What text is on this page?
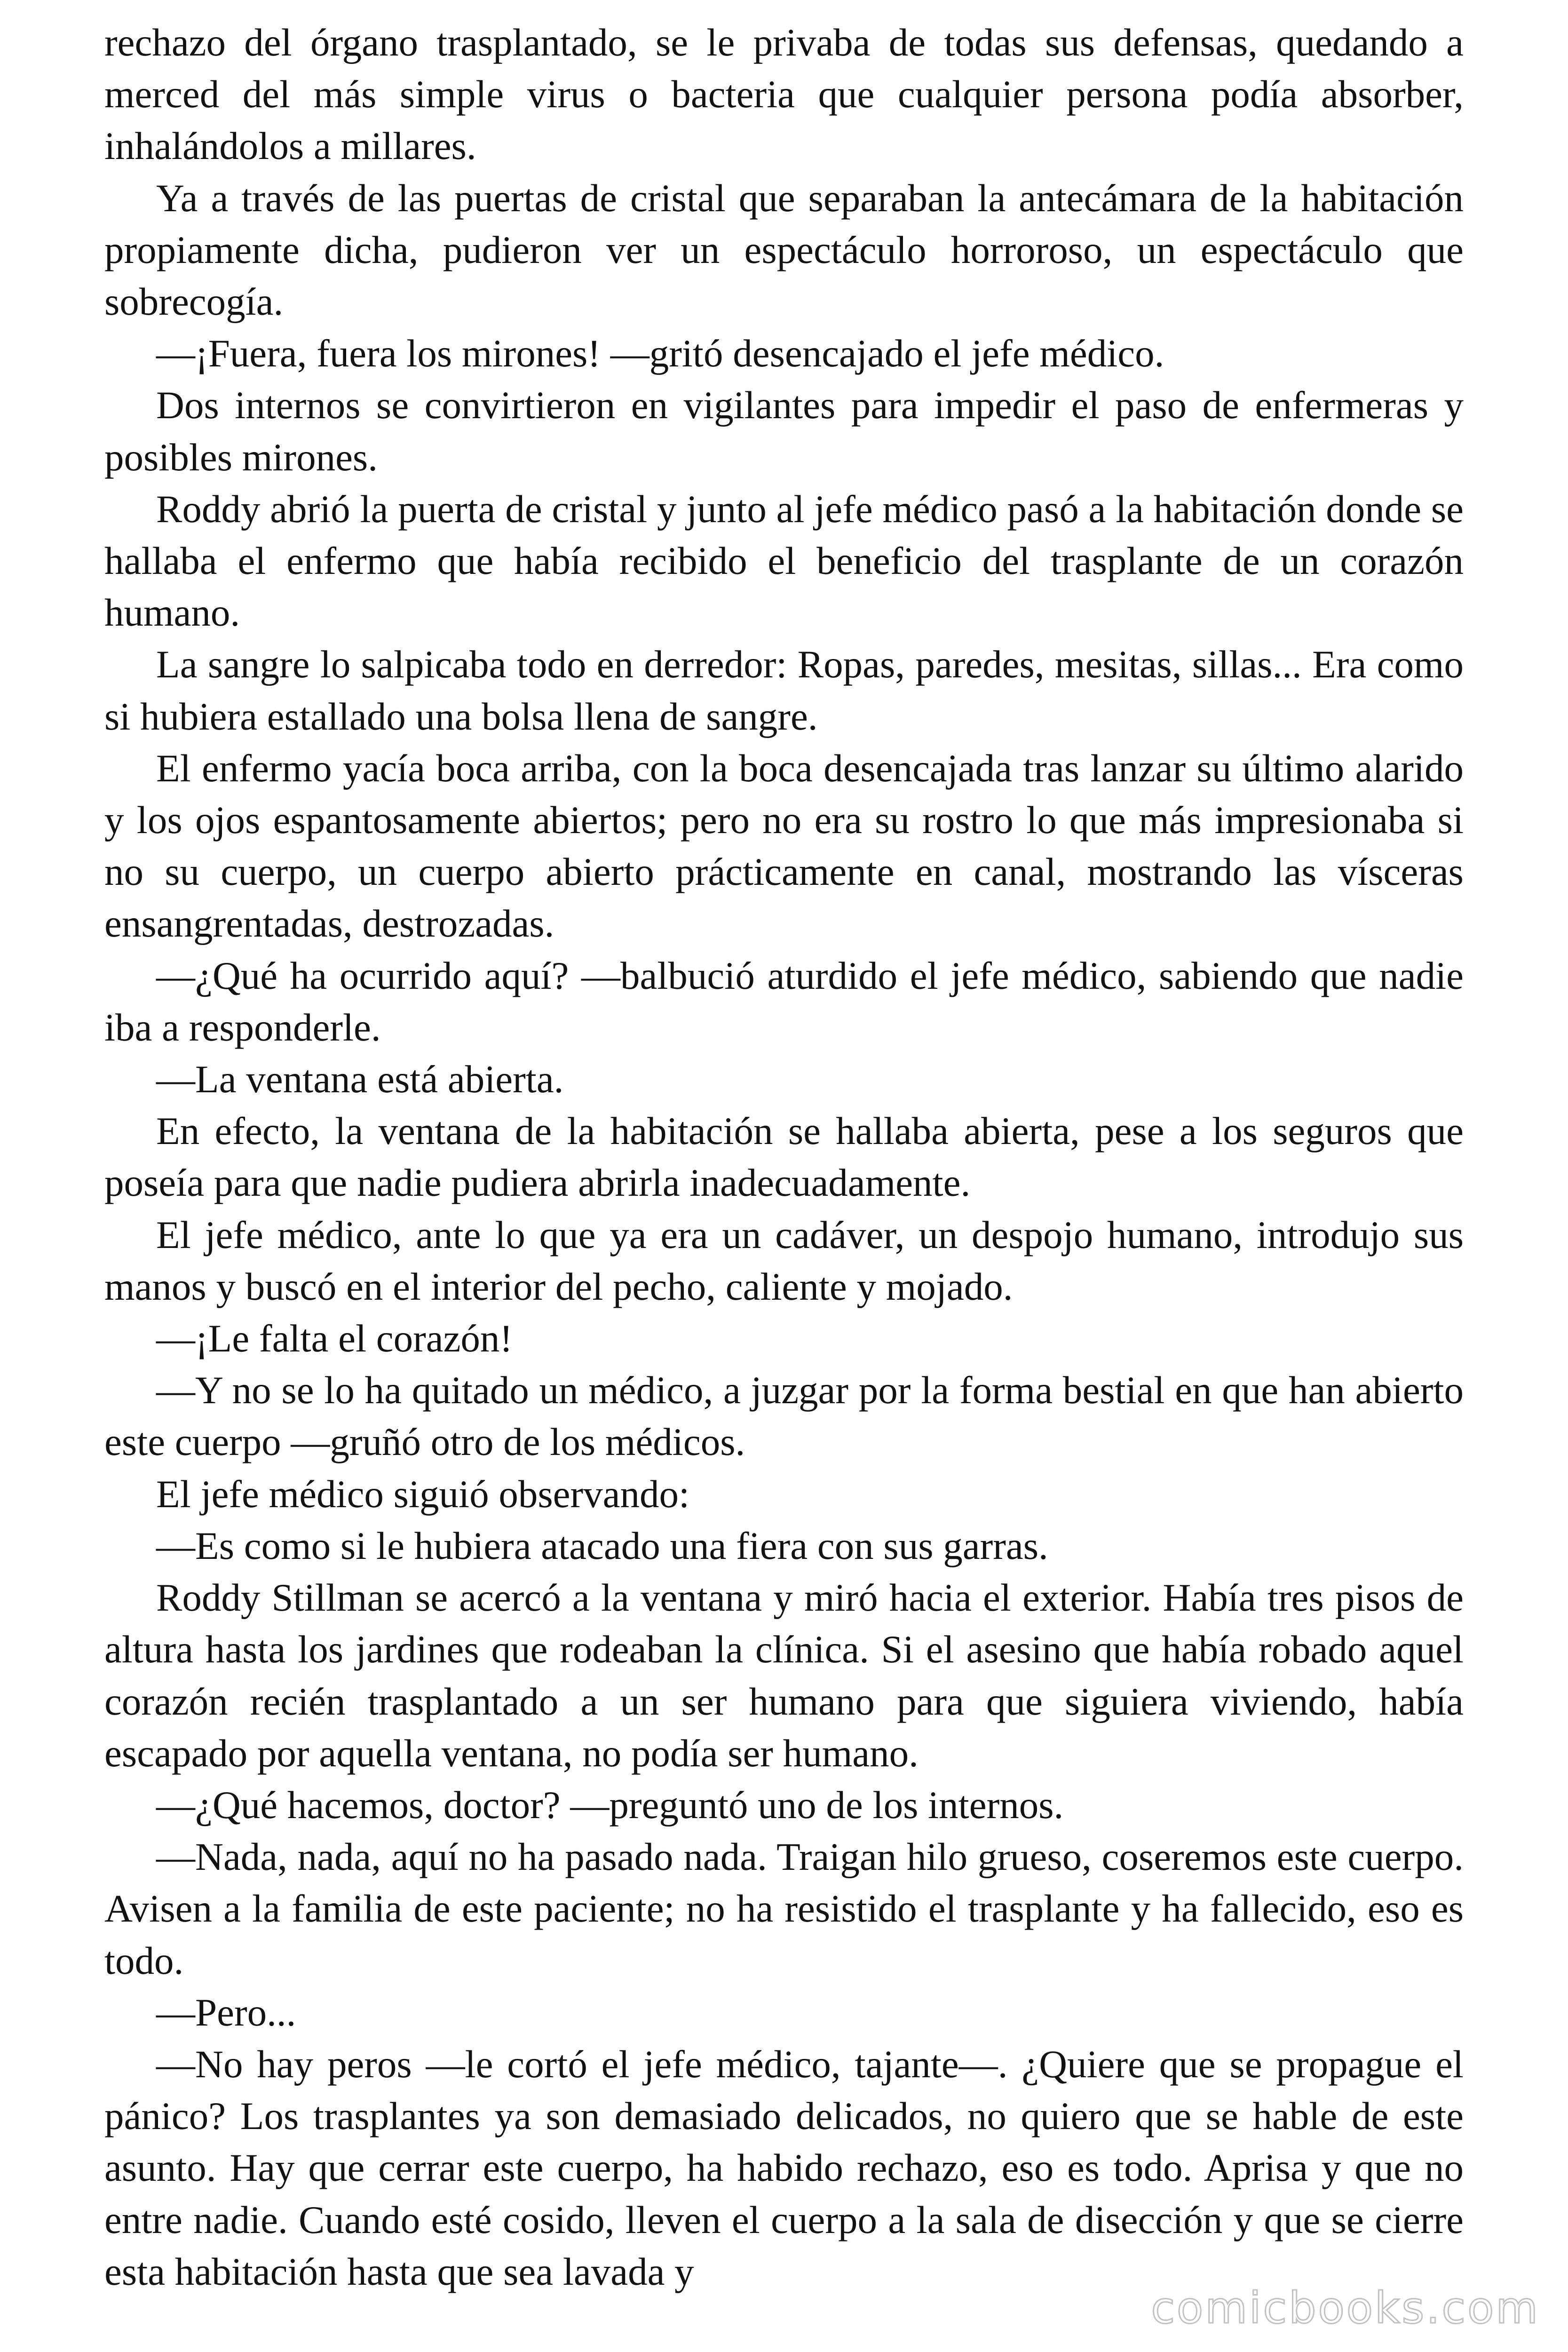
rechazo del órgano trasplantado, se le privaba de todas sus defensas, quedando a merced del más simple virus o bacteria que cualquier persona podía absorber, inhalándolos a millares.

Ya a través de las puertas de cristal que separaban la antecámara de la habitación propiamente dicha, pudieron ver un espectáculo horroroso, un espectáculo que sobrecogía.

—¡Fuera, fuera los mirones! —gritó desencajado el jefe médico.

Dos internos se convirtieron en vigilantes para impedir el paso de enfermeras y posibles mirones.

Roddy abrió la puerta de cristal y junto al jefe médico pasó a la habitación donde se hallaba el enfermo que había recibido el beneficio del trasplante de un corazón humano.

La sangre lo salpicaba todo en derredor: Ropas, paredes, mesitas, sillas... Era como si hubiera estallado una bolsa llena de sangre.

El enfermo yacía boca arriba, con la boca desencajada tras lanzar su último alarido y los ojos espantosamente abiertos; pero no era su rostro lo que más impresionaba si no su cuerpo, un cuerpo abierto prácticamente en canal, mostrando las vísceras ensangrentadas, destrozadas.

—¿Qué ha ocurrido aquí? —balbució aturdido el jefe médico, sabiendo que nadie iba a responderle.

—La ventana está abierta.

En efecto, la ventana de la habitación se hallaba abierta, pese a los seguros que poseía para que nadie pudiera abrirla inadecuadamente.

El jefe médico, ante lo que ya era un cadáver, un despojo humano, introdujo sus manos y buscó en el interior del pecho, caliente y mojado.

—¡Le falta el corazón!

—Y no se lo ha quitado un médico, a juzgar por la forma bestial en que han abierto este cuerpo —gruñó otro de los médicos.

El jefe médico siguió observando:

—Es como si le hubiera atacado una fiera con sus garras.

Roddy Stillman se acercó a la ventana y miró hacia el exterior. Había tres pisos de altura hasta los jardines que rodeaban la clínica. Si el asesino que había robado aquel corazón recién trasplantado a un ser humano para que siguiera viviendo, había escapado por aquella ventana, no podía ser humano.

—¿Qué hacemos, doctor? —preguntó uno de los internos.

—Nada, nada, aquí no ha pasado nada. Traigan hilo grueso, coseremos este cuerpo. Avisen a la familia de este paciente; no ha resistido el trasplante y ha fallecido, eso es todo.

—Pero...

—No hay peros —le cortó el jefe médico, tajante—. ¿Quiere que se propague el pánico? Los trasplantes ya son demasiado delicados, no quiero que se hable de este asunto. Hay que cerrar este cuerpo, ha habido rechazo, eso es todo. Aprisa y que no entre nadie. Cuando esté cosido, lleven el cuerpo a la sala de disección y que se cierre esta habitación hasta que sea lavada y

comicbooks.com
